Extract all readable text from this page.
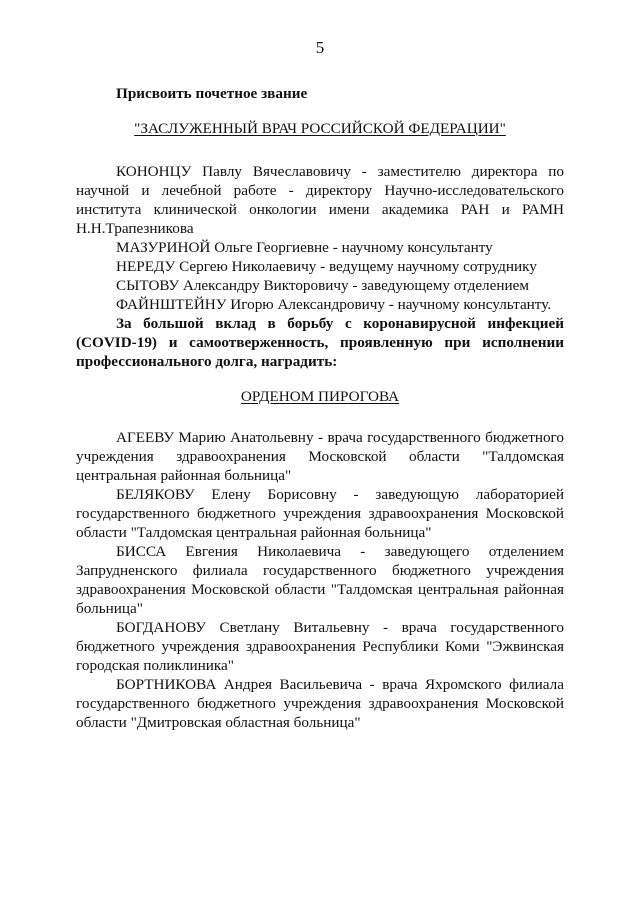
5
Присвоить почетное звание
"ЗАСЛУЖЕННЫЙ ВРАЧ РОССИЙСКОЙ ФЕДЕРАЦИИ"

КОНОНЦУ Павлу Вячеславовичу - заместителю директора по научной и лечебной работе - директору Научно-исследовательского института клинической онкологии имени академика РАН и РАМН Н.Н.Трапезникова

МАЗУРИНОЙ Ольге Георгиевне - научному консультанту

НЕРЕДУ Сергею Николаевичу - ведущему научному сотруднику

СЫТОВУ Александру Викторовичу - заведующему отделением

ФАЙНШТЕЙНУ Игорю Александровичу - научному консультанту.

За большой вклад в борьбу с коронавирусной инфекцией (COVID-19) и самоотверженность, проявленную при исполнении профессионального долга, наградить:

ОРДЕНОМ ПИРОГОВА

АГЕЕВУ Марию Анатольевну - врача государственного бюджетного учреждения здравоохранения Московской области "Талдомская центральная районная больница"

БЕЛЯКОВУ Елену Борисовну - заведующую лабораторией государственного бюджетного учреждения здравоохранения Московской области "Талдомская центральная районная больница"

БИССА Евгения Николаевича - заведующего отделением Запрудненского филиала государственного бюджетного учреждения здравоохранения Московской области "Талдомская центральная районная больница"

БОГДАНОВУ Светлану Витальевну - врача государственного бюджетного учреждения здравоохранения Республики Коми "Эжвинская городская поликлиника"

БОРТНИКОВА Андрея Васильевича - врача Яхромского филиала государственного бюджетного учреждения здравоохранения Московской области "Дмитровская областная больница"
